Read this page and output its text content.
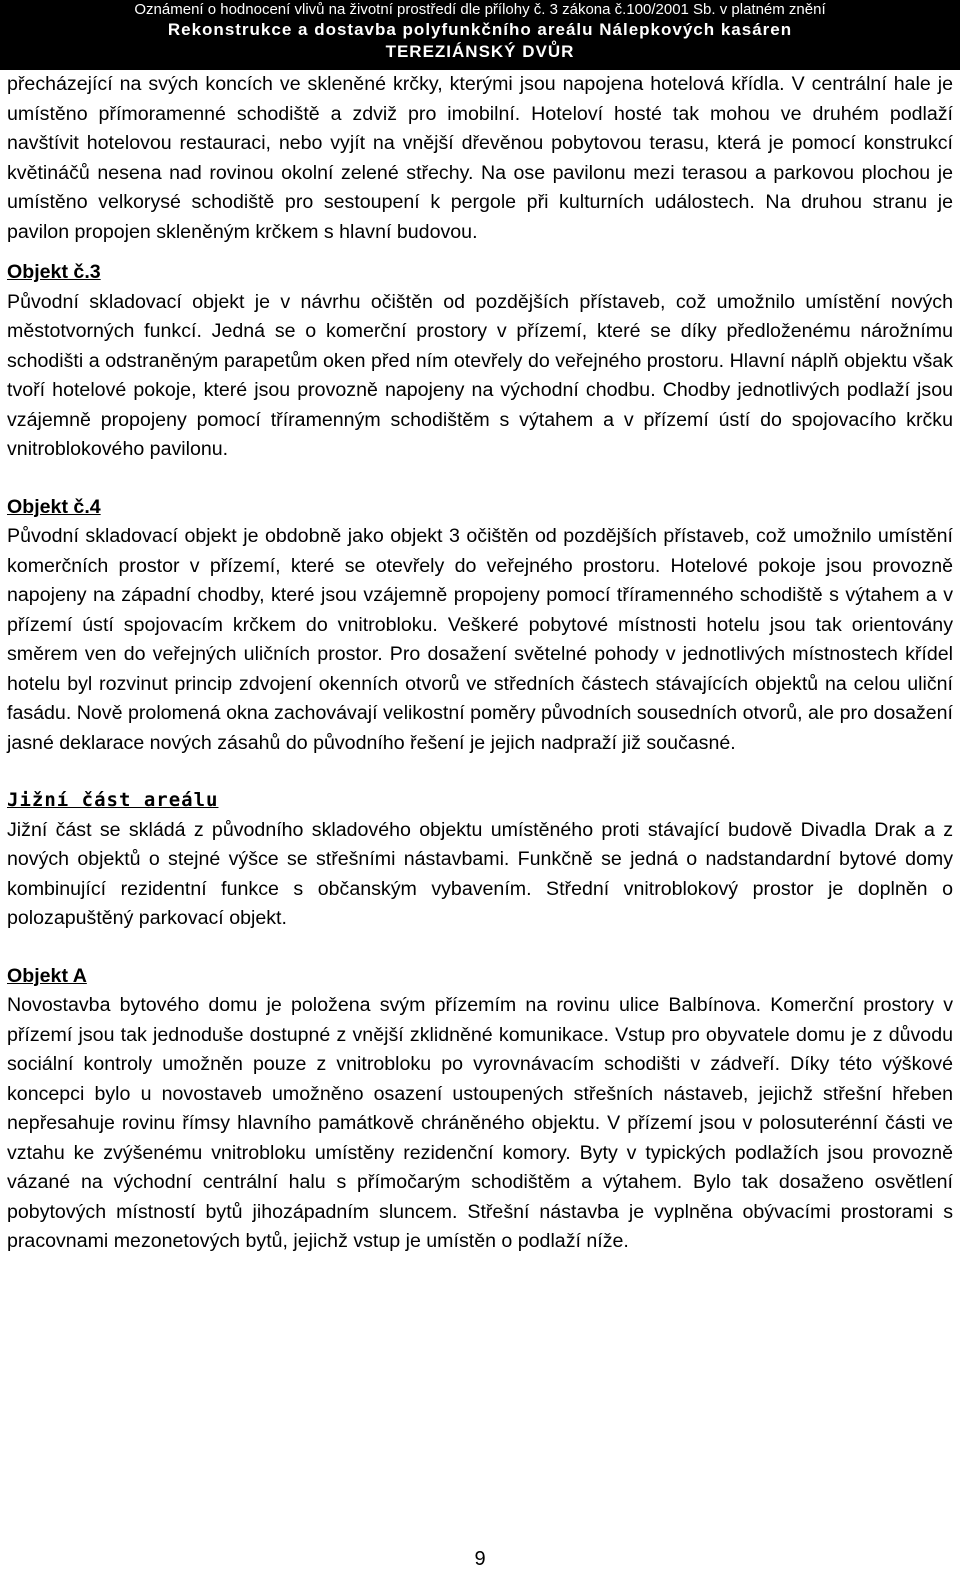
Oznámení o hodnocení vlivů na životní prostředí dle přílohy č. 3 zákona č.100/2001 Sb. v platném znění
Rekonstrukce a dostavba polyfunkčního areálu Nálepkových kasáren
TEREZIÁNSKÝ DVŮR

přecházející na svých koncích ve skleněné krčky, kterými jsou napojena hotelová křídla. V centrální hale je umístěno přímoramenné schodiště a zdviž pro imobilní. Hoteloví hosté tak mohou ve druhém podlaží navštívit hotelovou restauraci, nebo vyjít na vnější dřevěnou pobytovou terasu, která je pomocí konstrukcí květináčů nesena nad rovinou okolní zelené střechy. Na ose pavilonu mezi terasou a parkovou plochou je umístěno velkorysé schodiště pro sestoupení k pergole při kulturních událostech. Na druhou stranu je pavilon propojen skleněným krčkem s hlavní budovou.

Objekt č.3

Původní skladovací objekt je v návrhu očištěn od pozdějších přístaveb, což umožnilo umístění nových městotvorných funkcí. Jedná se o komerční prostory v přízemí, které se díky předloženému nárožnímu schodišti a odstraněným parapetům oken před ním otevřely do veřejného prostoru. Hlavní náplň objektu však tvoří hotelové pokoje, které jsou provozně napojeny na východní chodbu. Chodby jednotlivých podlaží jsou vzájemně propojeny pomocí tříramenným schodištěm s výtahem a v přízemí ústí do spojovacího krčku vnitroblokového pavilonu.

Objekt č.4

Původní skladovací objekt je obdobně jako objekt 3 očištěn od pozdějších přístaveb, což umožnilo umístění komerčních prostor v přízemí, které se otevřely do veřejného prostoru. Hotelové pokoje jsou provozně napojeny na západní chodby, které jsou vzájemně propojeny pomocí tříramenného schodiště s výtahem a v přízemí ústí spojovacím krčkem do vnitrobloku. Veškeré pobytové místnosti hotelu jsou tak orientovány směrem ven do veřejných uličních prostor. Pro dosažení světelné pohody v jednotlivých místnostech křídel hotelu byl rozvinut princip zdvojení okenních otvorů ve středních částech stávajících objektů na celou uliční fasádu. Nově prolomená okna zachovávají velikostní poměry původních sousedních otvorů, ale pro dosažení jasné deklarace nových zásahů do původního řešení je jejich nadpraží již současné.

Jižní část areálu

Jižní část se skládá z původního skladového objektu umístěného proti stávající budově Divadla Drak a z nových objektů o stejné výšce se střešními nástavbami. Funkčně se jedná o nadstandardní bytové domy kombinující rezidentní funkce s občanským vybavením. Střední vnitroblokový prostor je doplněn o polozapuštěný parkovací objekt.

Objekt A

Novostavba bytového domu je položena svým přízemím na rovinu ulice Balbínova. Komerční prostory v přízemí jsou tak jednoduše dostupné z vnější zklidněné komunikace. Vstup pro obyvatele domu je z důvodu sociální kontroly umožněn pouze z vnitrobloku po vyrovnávacím schodišti v zádveří. Díky této výškové koncepci bylo u novostaveb umožněno osazení ustoupených střešních nástaveb, jejichž střešní hřeben nepřesahuje rovinu římsy hlavního památkově chráněného objektu. V přízemí jsou v polosuterénní části ve vztahu ke zvýšenému vnitrobloku umístěny rezidenční komory. Byty v typických podlažích jsou provozně vázané na východní centrální halu s přímočarým schodištěm a výtahem. Bylo tak dosaženo osvětlení pobytových místností bytů jihozápadním sluncem. Střešní nástavba je vyplněna obývacími prostorami s pracovnami mezonetových bytů, jejichž vstup je umístěn o podlaží níže.

9
